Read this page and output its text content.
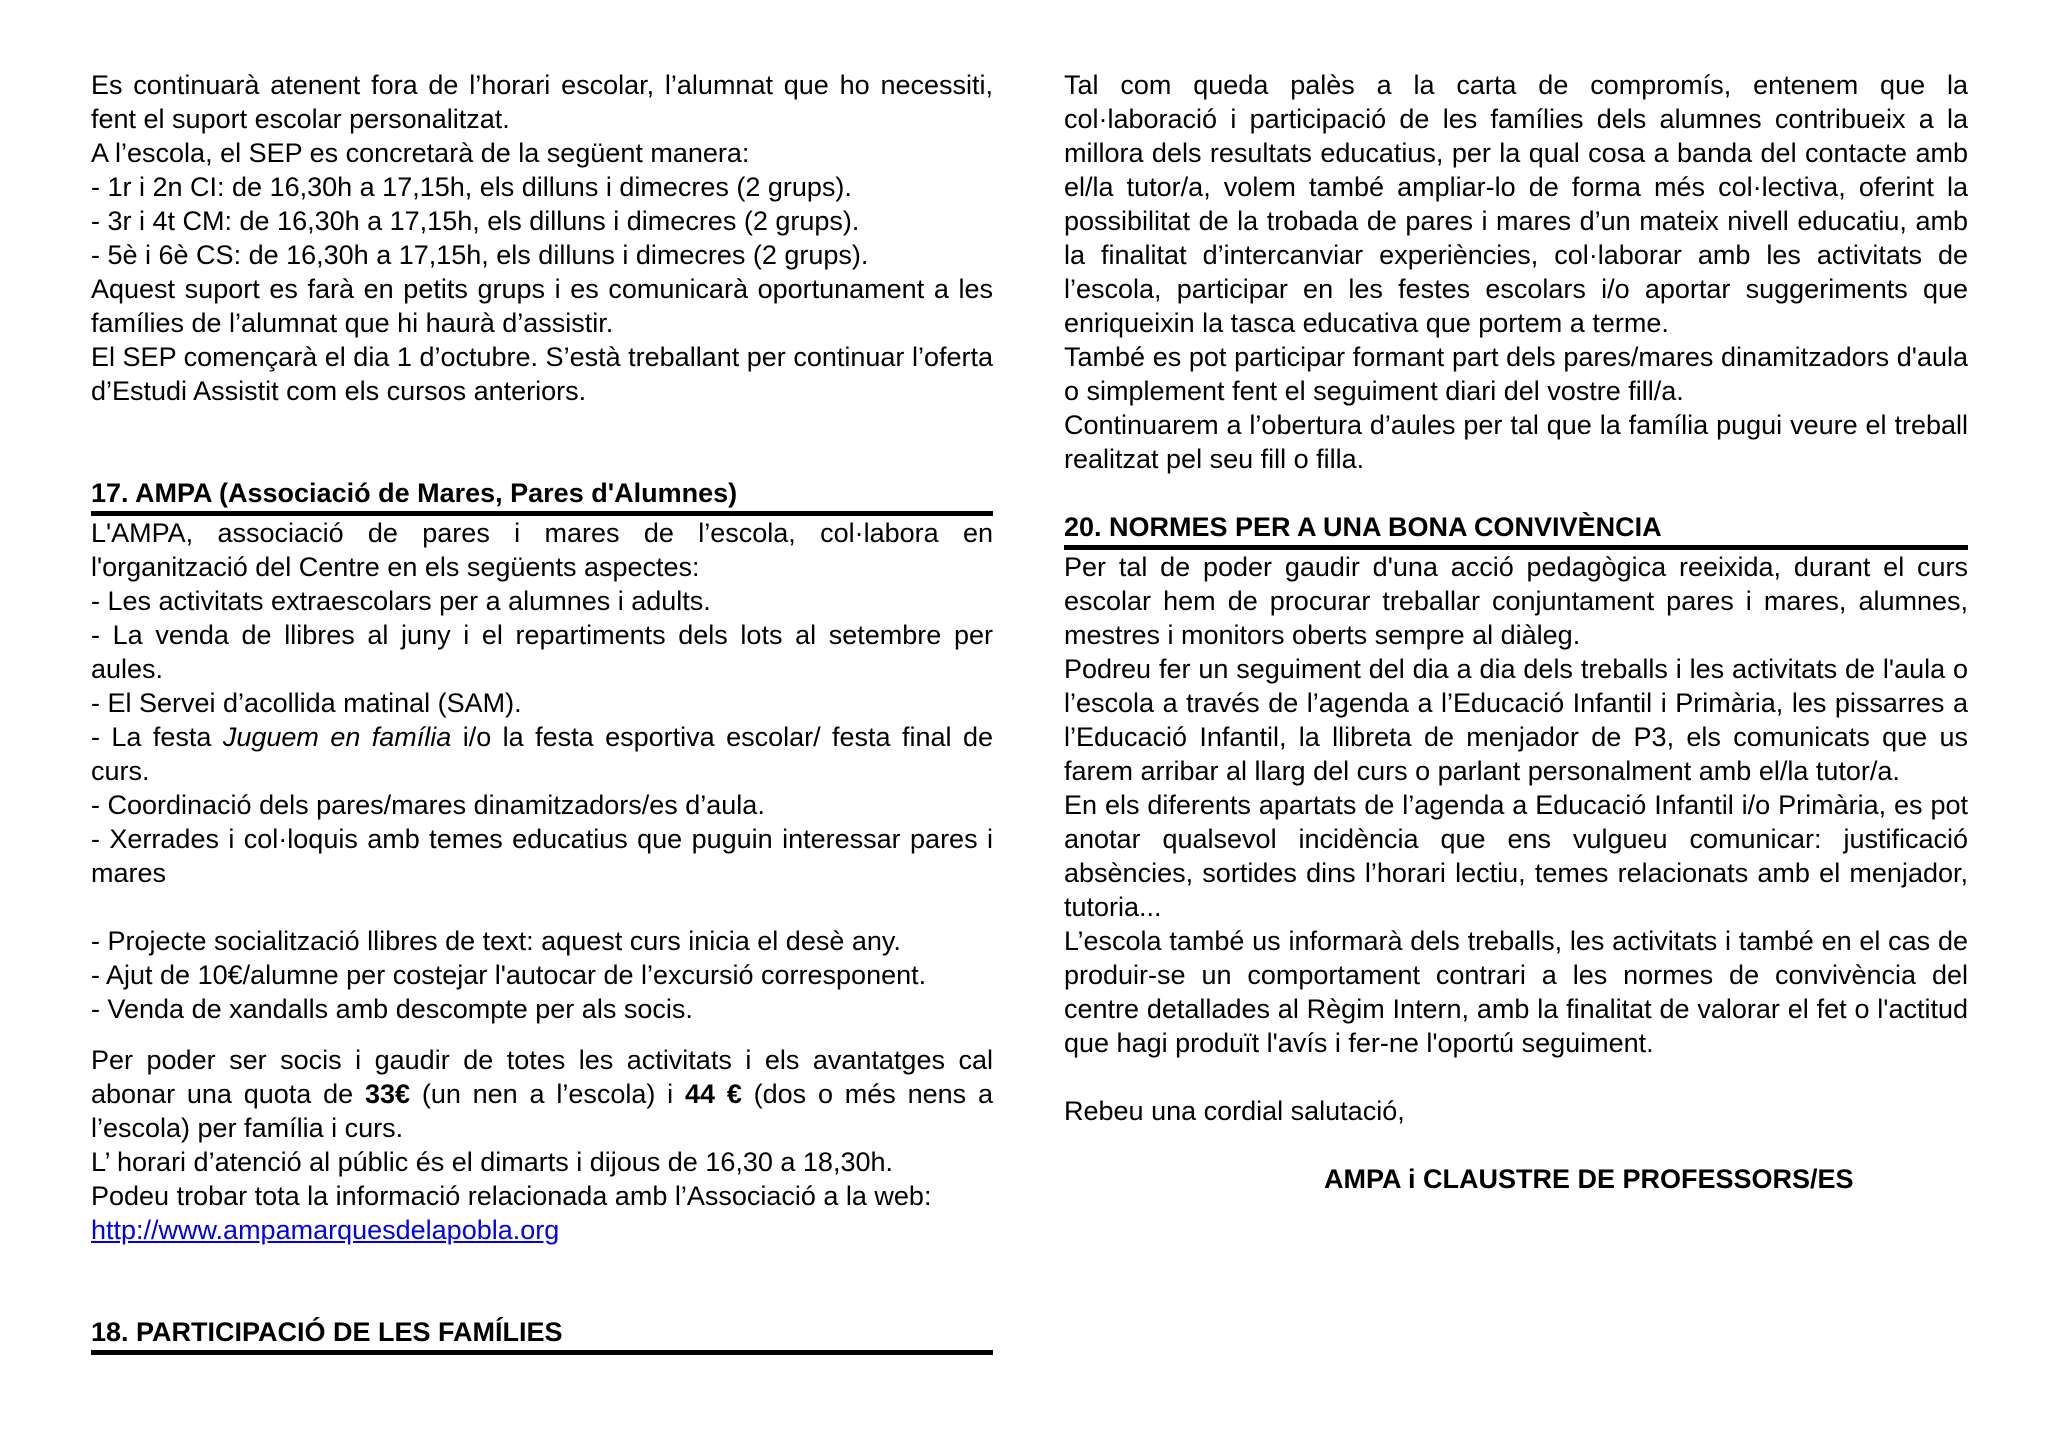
Es continuarà atenent fora de l’horari escolar, l’alumnat que ho necessiti, fent el suport escolar personalitzat.

A l’escola, el SEP es concretarà de la següent manera:

- 1r i 2n CI: de 16,30h a 17,15h, els dilluns i dimecres (2 grups).

- 3r i 4t CM: de 16,30h a 17,15h, els dilluns i dimecres (2 grups).

- 5è i 6è CS: de 16,30h a 17,15h, els dilluns i dimecres (2 grups).

Aquest suport es farà en petits grups i es comunicarà oportunament a les famílies de l’alumnat que hi haurà d’assistir.

El SEP començarà el dia 1 d’octubre. S’està treballant per continuar l’oferta d’Estudi Assistit com els cursos anteriors.

17. AMPA (Associació de Mares, Pares d'Alumnes)

L'AMPA, associació de pares i mares de l’escola, col·labora en l'organització del Centre en els següents aspectes:

- Les activitats extraescolars per a alumnes i adults.

- La venda de llibres al juny i el repartiments dels lots al setembre per aules.

- El Servei d’acollida matinal (SAM).

- La festa Juguem en família i/o la festa esportiva escolar/ festa final de curs.

- Coordinació dels pares/mares dinamitzadors/es d’aula.

- Xerrades i col·loquis amb temes educatius que puguin interessar pares i mares

- Projecte socialització llibres de text: aquest curs inicia el desè any.

- Ajut de 10€/alumne per costejar l'autocar de l’excursió corresponent.

- Venda de xandalls amb descompte per als socis.

Per poder ser socis i gaudir de totes les activitats i els avantatges cal abonar una quota de 33€ (un nen a l’escola) i 44 € (dos o més nens a l’escola) per família i curs.

L’ horari d’atenció al públic és el dimarts i dijous de 16,30 a 18,30h.

Podeu trobar tota la informació relacionada amb l’Associació a la web: http://www.ampamarquesdelapobla.org

18. PARTICIPACIÓ DE LES FAMÍLIES

Tal com queda palès a la carta de compromís, entenem que la col·laboració i participació de les famílies dels alumnes contribueix a la millora dels resultats educatius, per la qual cosa a banda del contacte amb el/la tutor/a, volem també ampliar-lo de forma més col·lectiva, oferint la possibilitat de la trobada de pares i mares d’un mateix nivell educatiu, amb la finalitat d’intercanviar experiències, col·laborar amb les activitats de l’escola, participar en les festes escolars i/o aportar suggeriments que enriqueixin la tasca educativa que portem a terme.

També es pot participar formant part dels pares/mares dinamitzadors d'aula o simplement fent el seguiment diari del vostre fill/a.

Continuarem a l’obertura d’aules per tal que la família pugui veure el treball realitzat pel seu fill o filla.

20. NORMES PER A UNA BONA CONVIVÈNCIA

Per tal de poder gaudir d'una acció pedagògica reeixida, durant el curs escolar hem de procurar treballar conjuntament pares i mares, alumnes, mestres i monitors oberts sempre al diàleg.

Podreu fer un seguiment del dia a dia dels treballs i les activitats de l'aula o l’escola a través de l’agenda a l’Educació Infantil i Primària, les pissarres a l’Educació Infantil, la llibreta de menjador de P3, els comunicats que us farem arribar al llarg del curs o parlant personalment amb el/la tutor/a.

En els diferents apartats de l’agenda a Educació Infantil i/o Primària, es pot anotar qualsevol incidència que ens vulgueu comunicar: justificació absències, sortides dins l’horari lectiu, temes relacionats amb el menjador, tutoria...

L’escola també us informarà dels treballs, les activitats i també en el cas de produir-se un comportament contrari a les normes de convivència del centre detallades al Règim Intern, amb la finalitat de valorar el fet o l'actitud que hagi produït l'avís i fer-ne l'oportú seguiment.

Rebeu una cordial salutació,

AMPA i CLAUSTRE DE PROFESSORS/ES
